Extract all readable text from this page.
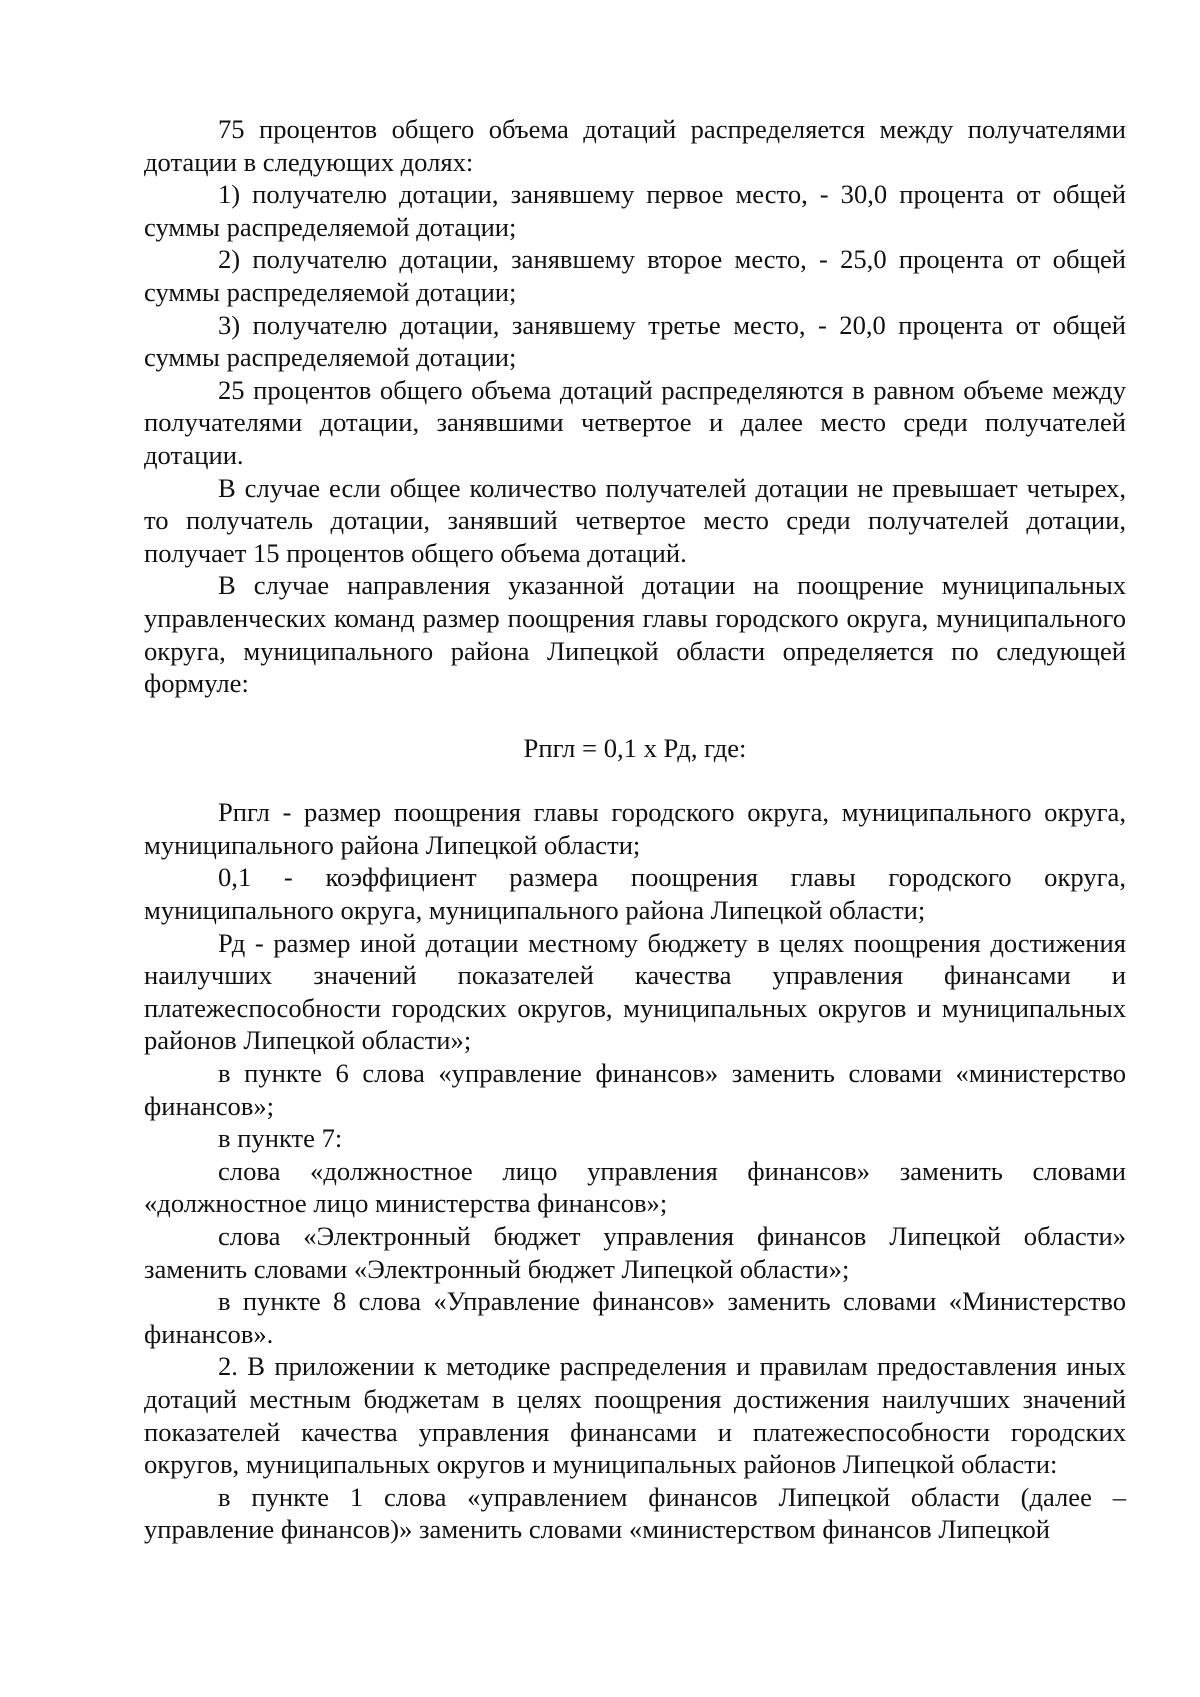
75 процентов общего объема дотаций распределяется между получателями дотации в следующих долях:

1) получателю дотации, занявшему первое место, - 30,0 процента от общей суммы распределяемой дотации;

2) получателю дотации, занявшему второе место, - 25,0 процента от общей суммы распределяемой дотации;

3) получателю дотации, занявшему третье место, - 20,0 процента от общей суммы распределяемой дотации;

25 процентов общего объема дотаций распределяются в равном объеме между получателями дотации, занявшими четвертое и далее место среди получателей дотации.

В случае если общее количество получателей дотации не превышает четырех, то получатель дотации, занявший четвертое место среди получателей дотации, получает 15 процентов общего объема дотаций.

В случае направления указанной дотации на поощрение муниципальных управленческих команд размер поощрения главы городского округа, муниципального округа, муниципального района Липецкой области определяется по следующей формуле:

Рпгл = 0,1 х Рд, где:

Рпгл - размер поощрения главы городского округа, муниципального округа, муниципального района Липецкой области;

0,1 - коэффициент размера поощрения главы городского округа, муниципального округа, муниципального района Липецкой области;

Рд - размер иной дотации местному бюджету в целях поощрения достижения наилучших значений показателей качества управления финансами и платежеспособности городских округов, муниципальных округов и муниципальных районов Липецкой области»;

в пункте 6 слова «управление финансов» заменить словами «министерство финансов»;

в пункте 7:

слова «должностное лицо управления финансов» заменить словами «должностное лицо министерства финансов»;

слова «Электронный бюджет управления финансов Липецкой области» заменить словами «Электронный бюджет Липецкой области»;

в пункте 8 слова «Управление финансов» заменить словами «Министерство финансов».

2. В приложении к методике распределения и правилам предоставления иных дотаций местным бюджетам в целях поощрения достижения наилучших значений показателей качества управления финансами и платежеспособности городских округов, муниципальных округов и муниципальных районов Липецкой области:

в пункте 1 слова «управлением финансов Липецкой области (далее – управление финансов)» заменить словами «министерством финансов Липецкой
